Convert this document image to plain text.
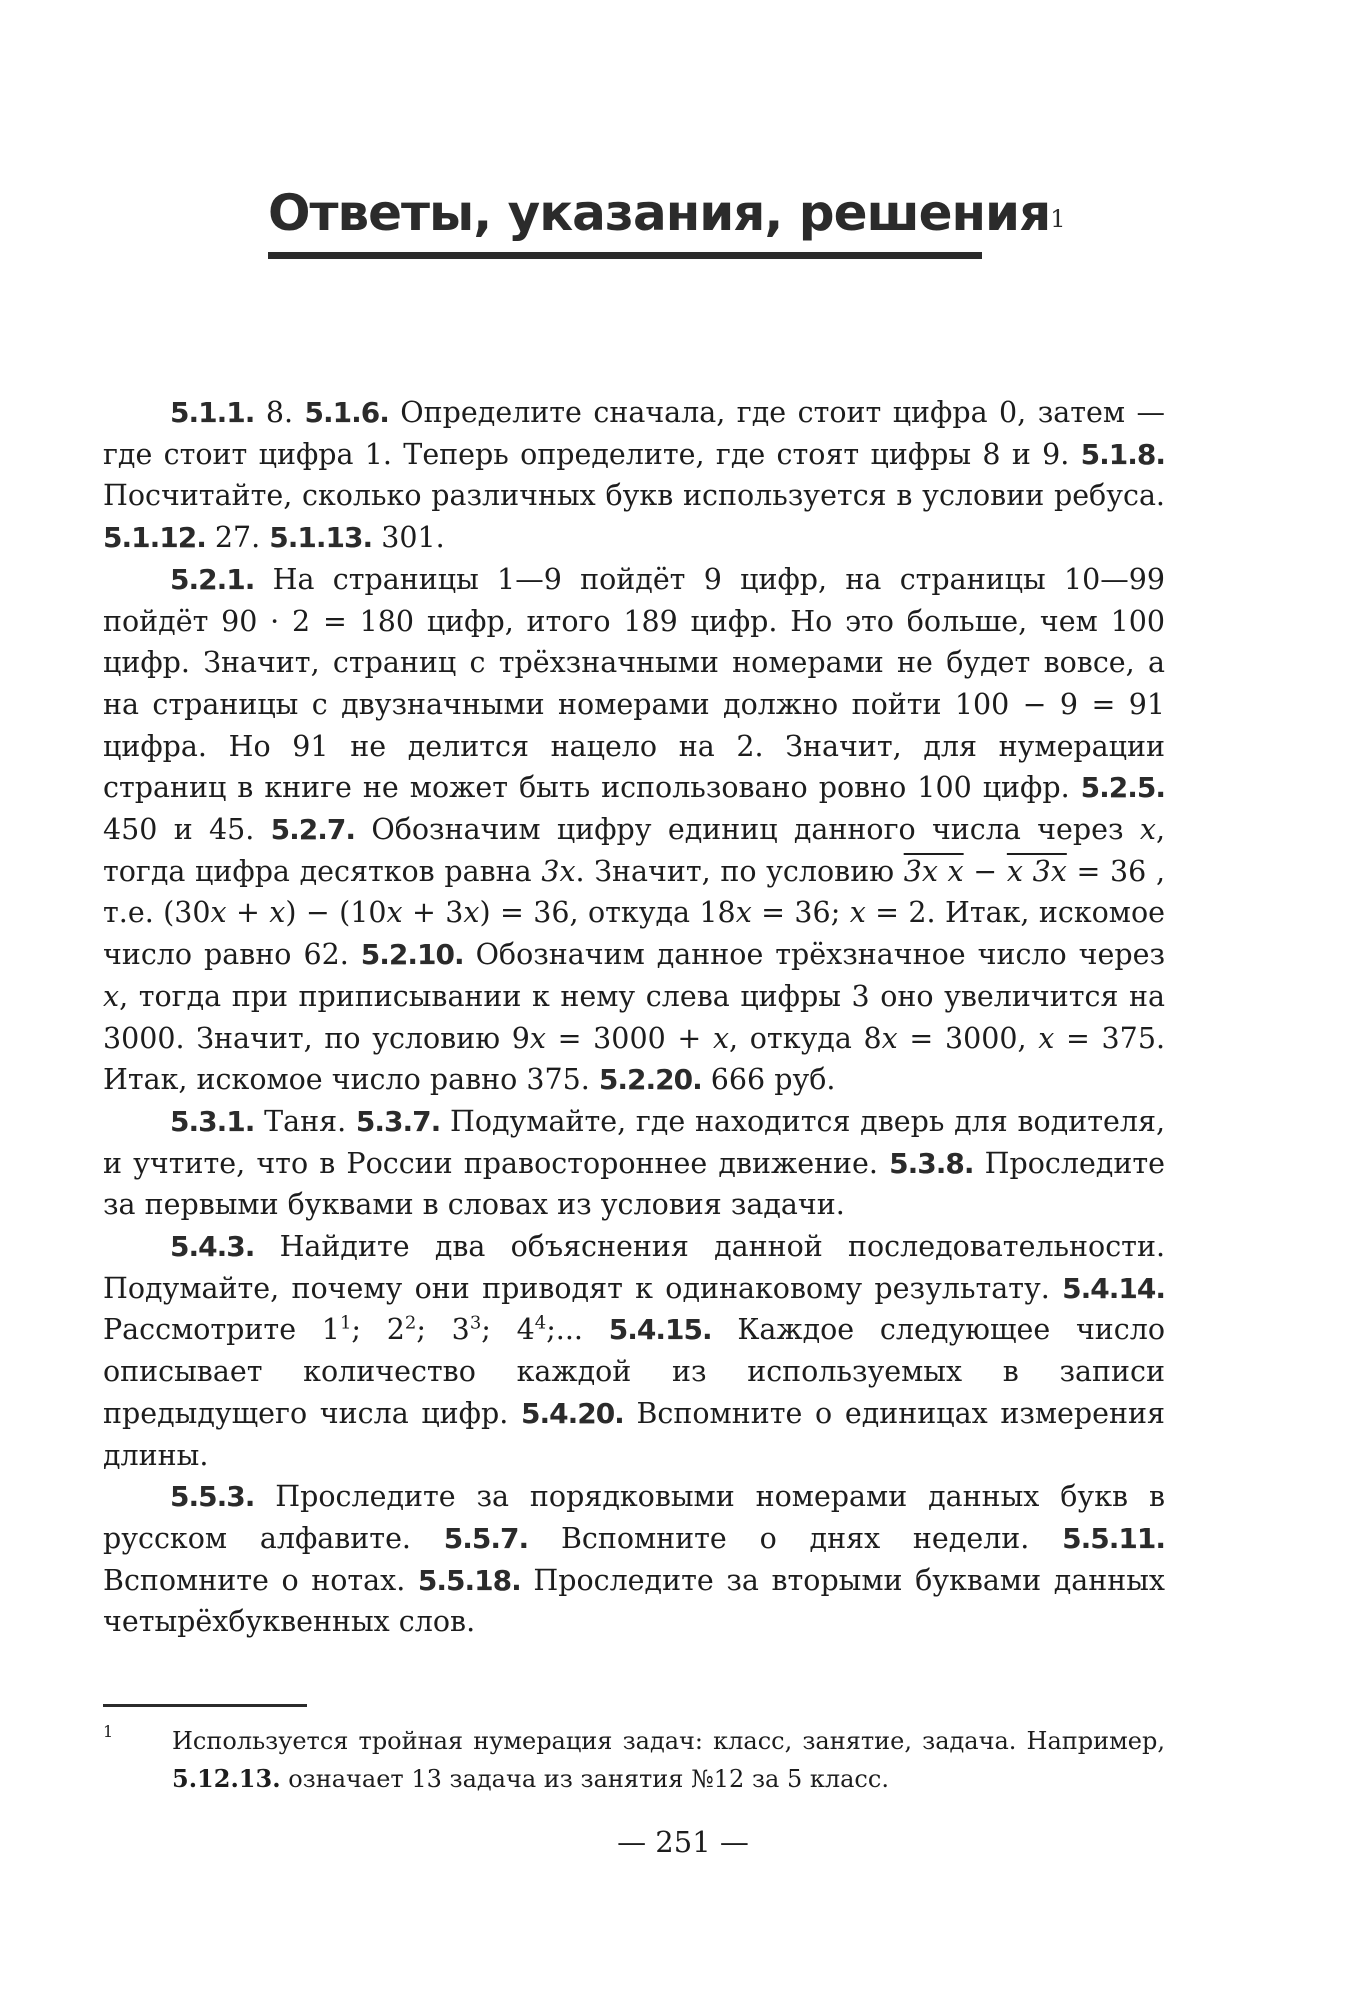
Ответы, указания, решения$^1$

5.1.1. 8. 5.1.6. Определите сначала, где стоит цифра 0, затем — где стоит цифра 1. Теперь определите, где стоят цифры 8 и 9. 5.1.8. Посчитайте, сколько различных букв используется в условии ребуса. 5.1.12. 27. 5.1.13. 301.

5.2.1. На страницы 1—9 пойдёт 9 цифр, на страницы 10—99 пойдёт 90 · 2 = 180 цифр, итого 189 цифр. Но это больше, чем 100 цифр. Значит, страниц с трёхзначными номерами не будет вовсе, а на страницы с двузначными номерами должно пойти 100 − 9 = 91 цифра. Но 91 не делится нацело на 2. Значит, для нумерации страниц в книге не может быть использовано ровно 100 цифр. 5.2.5. 450 и 45. 5.2.7. Обозначим цифру единиц данного числа через x, тогда цифра десятков равна 3x. Значит, по условию 3x x − x 3x = 36 , т.е. (30x + x) − (10x + 3x) = 36, откуда 18x = 36; x = 2. Итак, искомое число равно 62. 5.2.10. Обозначим данное трёхзначное число через x, тогда при приписывании к нему слева цифры 3 оно увеличится на 3000. Значит, по условию 9x = 3000 + x, откуда 8x = 3000, x = 375. Итак, искомое число равно 375. 5.2.20. 666 руб.

5.3.1. Таня. 5.3.7. Подумайте, где находится дверь для водителя, и учтите, что в России правостороннее движение. 5.3.8. Проследите за первыми буквами в словах из условия задачи.

5.4.3. Найдите два объяснения данной последовательности. Подумайте, почему они приводят к одинаковому результату. 5.4.14. Рассмотрите $1^1$; $2^2$; $3^3$; $4^4$;... 5.4.15. Каждое следующее число описывает количество каждой из используемых в записи предыдущего числа цифр. 5.4.20. Вспомните о единицах измерения длины.

5.5.3. Проследите за порядковыми номерами данных букв в русском алфавите. 5.5.7. Вспомните о днях недели. 5.5.11. Вспомните о нотах. 5.5.18. Проследите за вторыми буквами данных четырёхбуквенных слов.

1 Используется тройная нумерация задач: класс, занятие, задача. Например, 5.12.13. означает 13 задача из занятия №12 за 5 класс.
— 251 —
